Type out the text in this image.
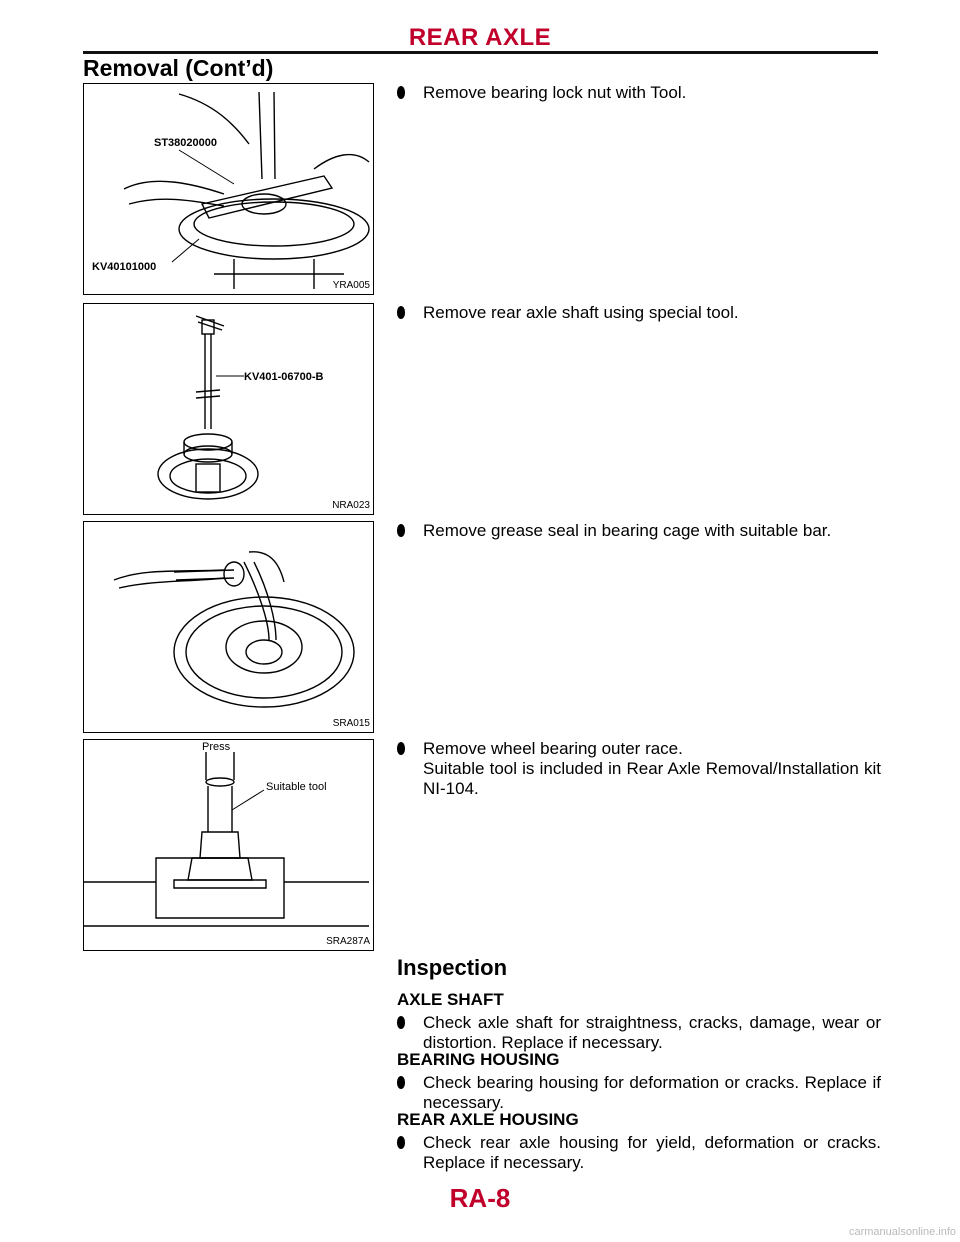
REAR AXLE
Removal (Cont’d)
ST38020000
KV40101000
YRA005
KV401-06700-B
NRA023
SRA015
Press
Suitable tool
SRA287A
Remove bearing lock nut with Tool.
Remove rear axle shaft using special tool.
Remove grease seal in bearing cage with suitable bar.
Remove wheel bearing outer race.
Suitable tool is included in Rear Axle Removal/Installation kit NI-104.
Inspection
AXLE SHAFT
Check axle shaft for straightness, cracks, damage, wear or distortion. Replace if necessary.
BEARING HOUSING
Check bearing housing for deformation or cracks. Replace if necessary.
REAR AXLE HOUSING
Check rear axle housing for yield, deformation or cracks. Replace if necessary.
RA-8
carmanualsonline.info
